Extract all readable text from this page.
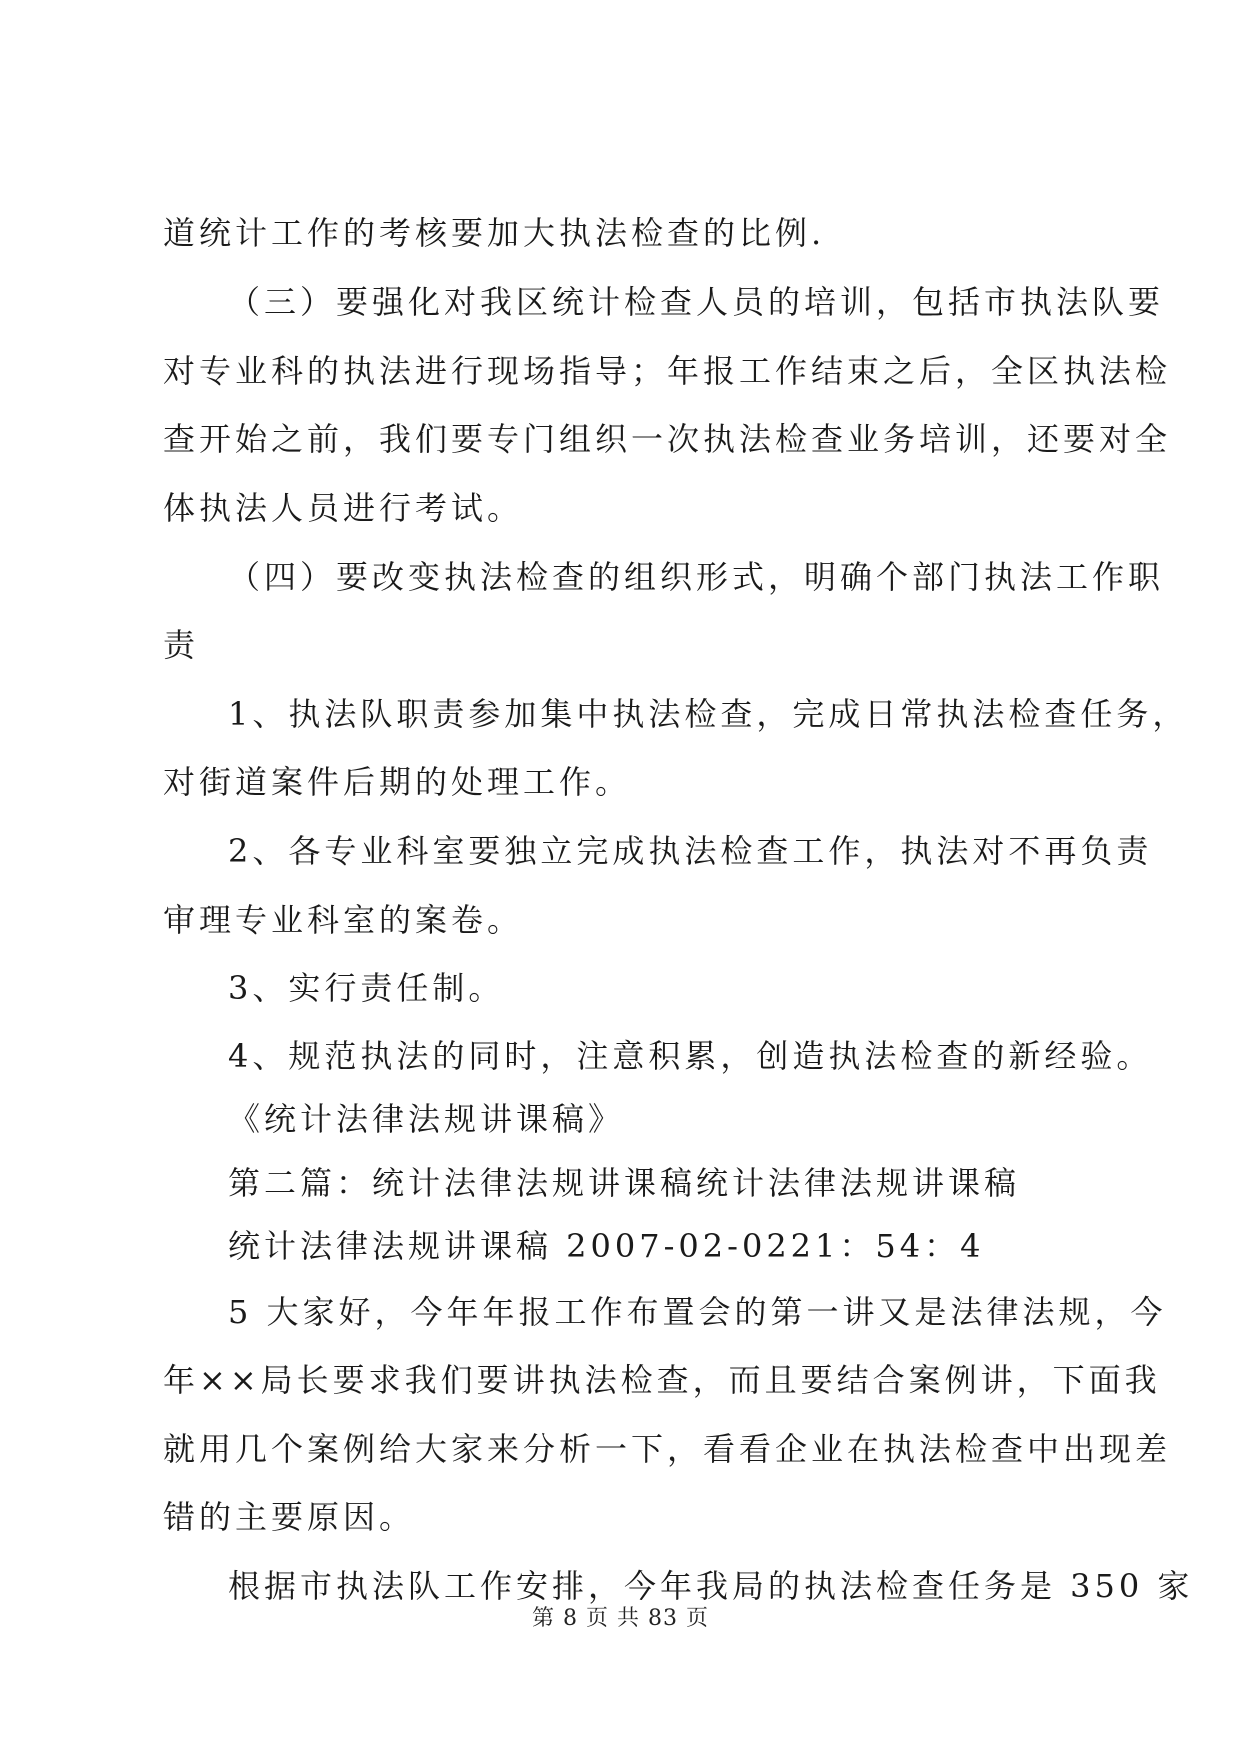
道统计工作的考核要加大执法检查的比例.
（三）要强化对我区统计检查人员的培训，包括市执法队要
对专业科的执法进行现场指导；年报工作结束之后，全区执法检
查开始之前，我们要专门组织一次执法检查业务培训，还要对全
体执法人员进行考试。
（四）要改变执法检查的组织形式，明确个部门执法工作职
责
1、执法队职责参加集中执法检查，完成日常执法检查任务，
对街道案件后期的处理工作。
2、各专业科室要独立完成执法检查工作，执法对不再负责
审理专业科室的案卷。
3、实行责任制。
4、规范执法的同时，注意积累，创造执法检查的新经验。
《统计法律法规讲课稿》
第二篇：统计法律法规讲课稿统计法律法规讲课稿
统计法律法规讲课稿 2007-02-0221：54：4
5 大家好，今年年报工作布置会的第一讲又是法律法规，今
年××局长要求我们要讲执法检查，而且要结合案例讲，下面我
就用几个案例给大家来分析一下，看看企业在执法检查中出现差
错的主要原因。
根据市执法队工作安排，今年我局的执法检查任务是 350 家
第 8 页 共 83 页
